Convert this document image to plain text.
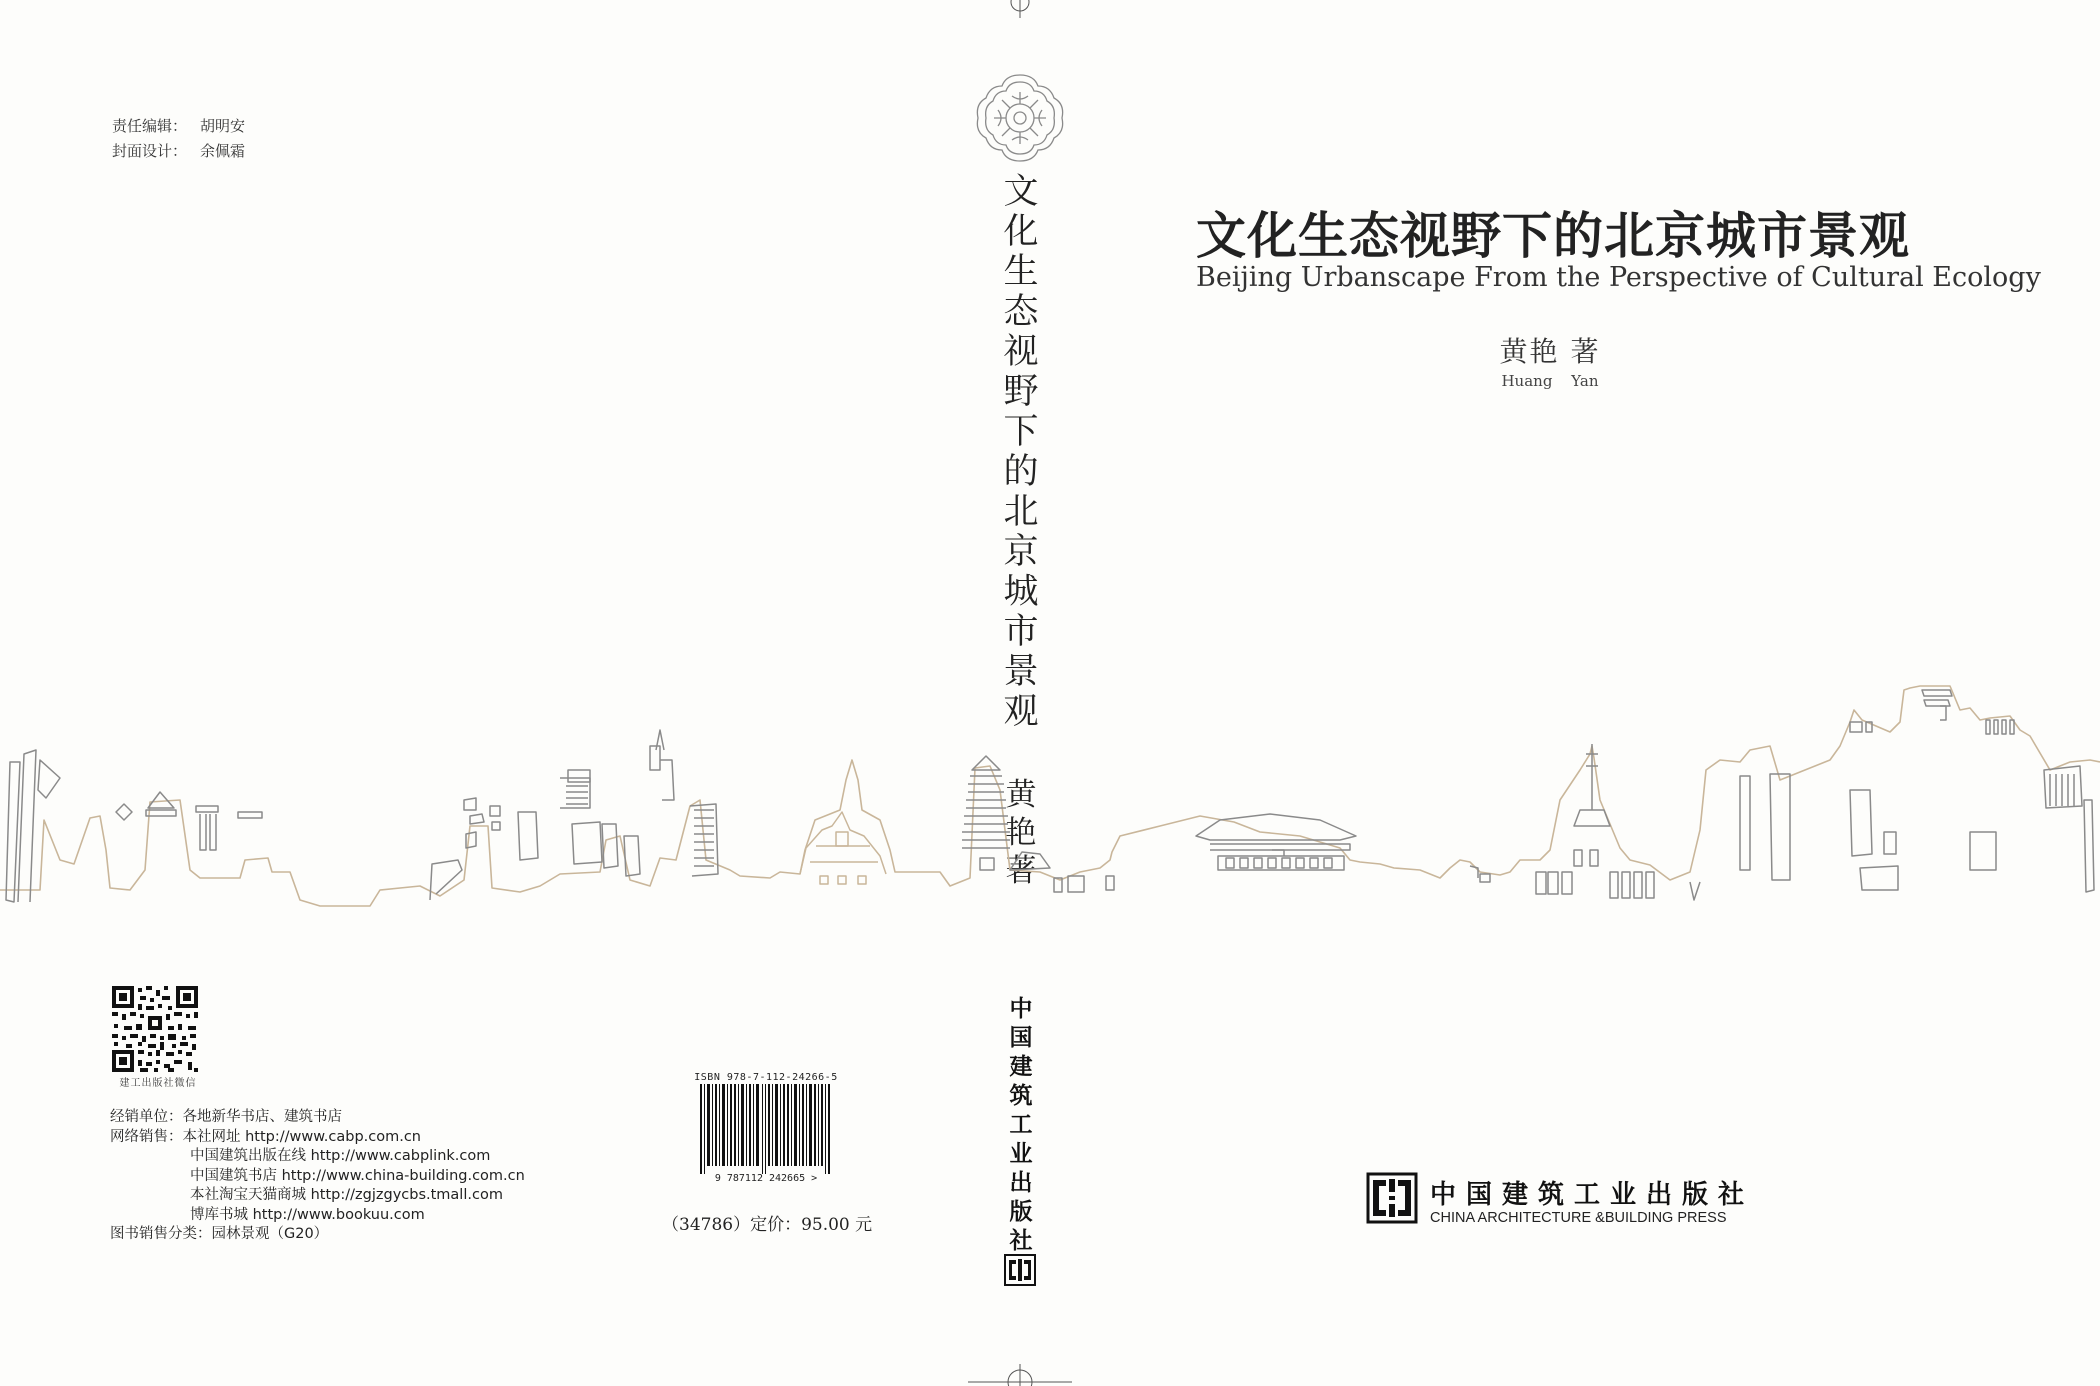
责任编辑： 胡明安
封面设计： 余佩霜
文
化
生
态
视
野
下
的
北
京
城
市
景
观
黄
艳
著
文化生态视野下的北京城市景观
Beijing Urbanscape From the Perspective of Cultural Ecology
黄艳 著
Huang Yan
建工出版社微信
经销单位：各地新华书店、建筑书店
网络销售：本社网址 http://www.cabp.com.cn
中国建筑出版在线 http://www.cabplink.com
中国建筑书店 http://www.china-building.com.cn
本社淘宝天猫商城 http://zgjzgycbs.tmall.com
博库书城 http://www.bookuu.com
图书销售分类：园林景观（G20）
ISBN 978-7-112-24266-5
9 787112 242665 >
（34786）定价：95.00 元
中
国
建
筑
工
业
出
版
社
中国建筑工业出版社
CHINA ARCHITECTURE &BUILDING PRESS
